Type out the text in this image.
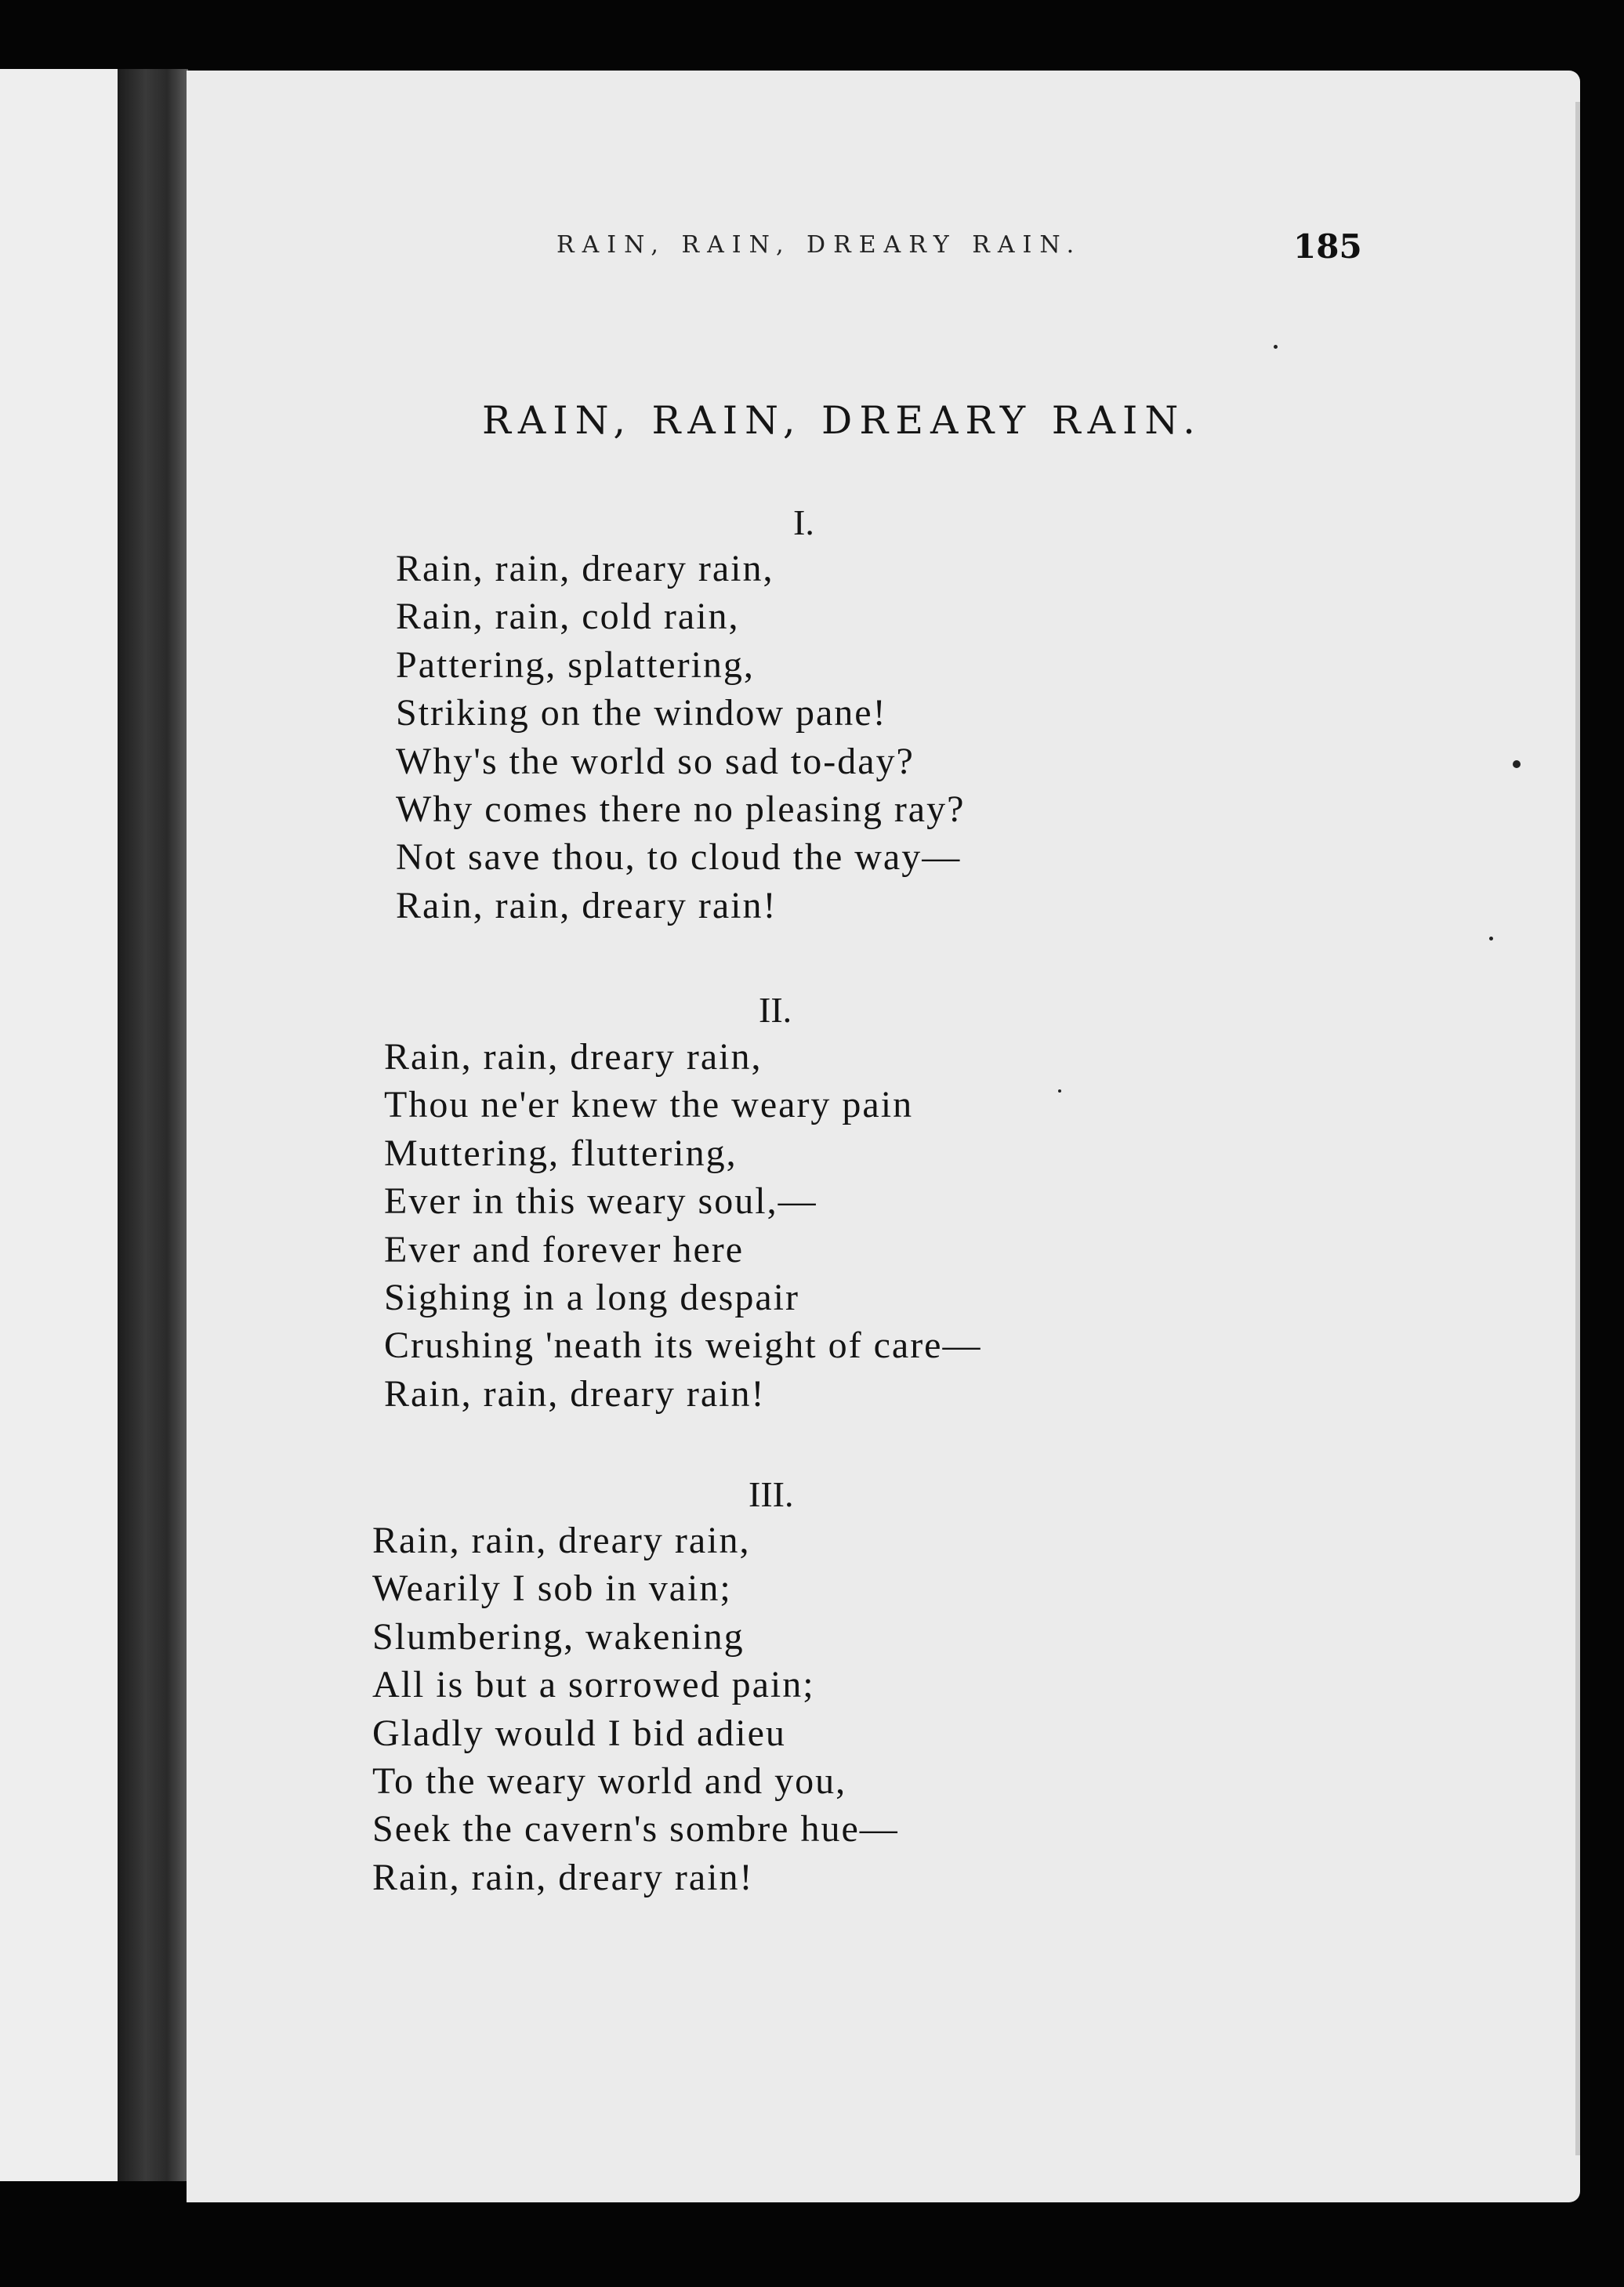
RAIN, RAIN, DREARY RAIN.	185
RAIN, RAIN, DREARY RAIN.
I.
Rain, rain, dreary rain,
Rain, rain, cold rain,
Pattering, splattering,
Striking on the window pane!
Why's the world so sad to-day?
Why comes there no pleasing ray?
Not save thou, to cloud the way—
Rain, rain, dreary rain!
II.
Rain, rain, dreary rain,
Thou ne'er knew the weary pain
Muttering, fluttering,
Ever in this weary soul,—
Ever and forever here
Sighing in a long despair
Crushing 'neath its weight of care—
Rain, rain, dreary rain!
III.
Rain, rain, dreary rain,
Wearily I sob in vain;
Slumbering, wakening
All is but a sorrowed pain;
Gladly would I bid adieu
To the weary world and you,
Seek the cavern's sombre hue—
Rain, rain, dreary rain!
